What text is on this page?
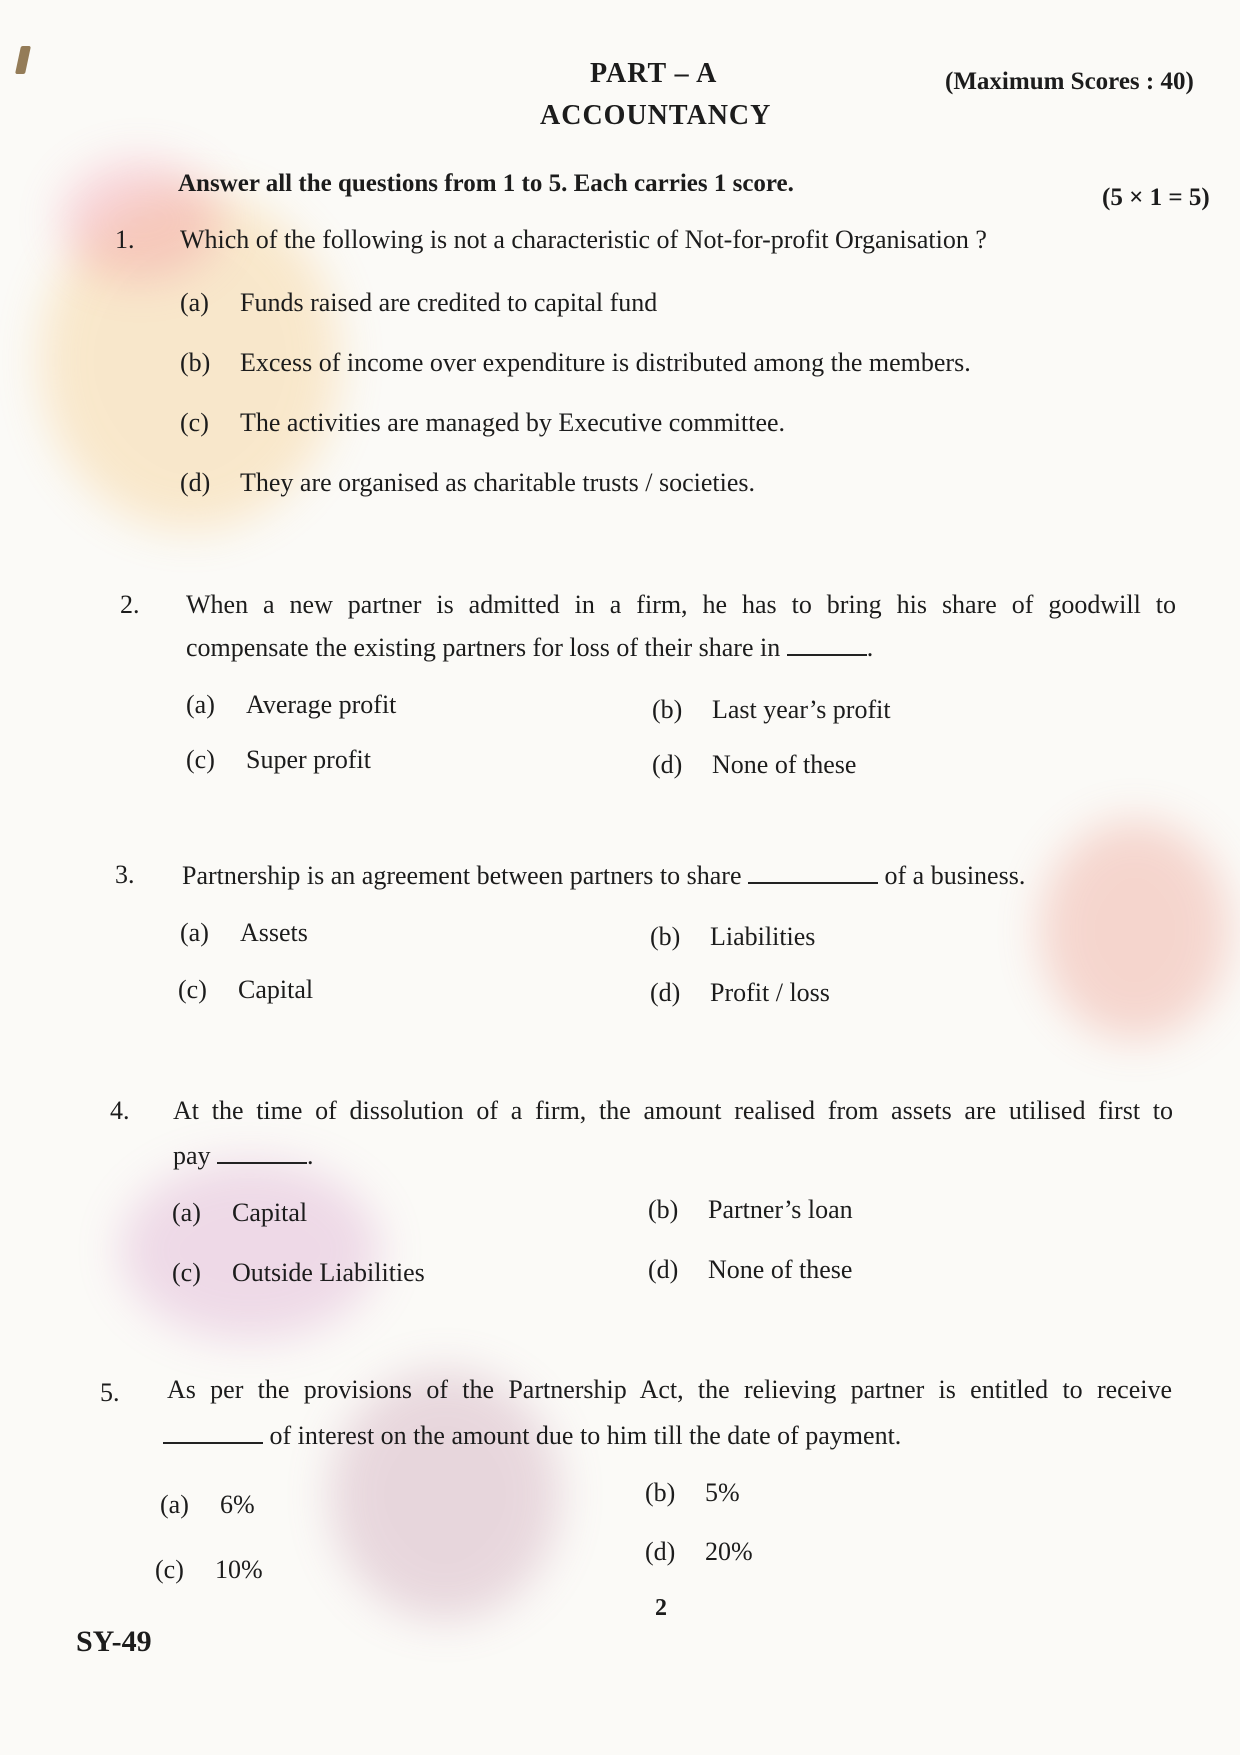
PART – A
ACCOUNTANCY
(Maximum Scores : 40)
Answer all the questions from 1 to 5. Each carries 1 score.
(5 × 1 = 5)
1. Which of the following is not a characteristic of Not-for-profit Organisation ?
(a) Funds raised are credited to capital fund
(b) Excess of income over expenditure is distributed among the members.
(c) The activities are managed by Executive committee.
(d) They are organised as charitable trusts / societies.
2. When a new partner is admitted in a firm, he has to bring his share of goodwill to
compensate the existing partners for loss of their share in	.
(a) Average profit	(b) Last year’s profit
(c) Super profit	(d) None of these
3. Partnership is an agreement between partners to share	of a business.
(a) Assets	(b) Liabilities
(c) Capital	(d) Profit / loss
4. At the time of dissolution of a firm, the amount realised from assets are utilised first to
pay	.
(a) Capital	(b) Partner’s loan
(c) Outside Liabilities	(d) None of these
5. As per the provisions of the Partnership Act, the relieving partner is entitled to receive
of interest on the amount due to him till the date of payment.
(a) 6%	(b) 5%
(c) 10%
(d) 20%
2
SY-49
